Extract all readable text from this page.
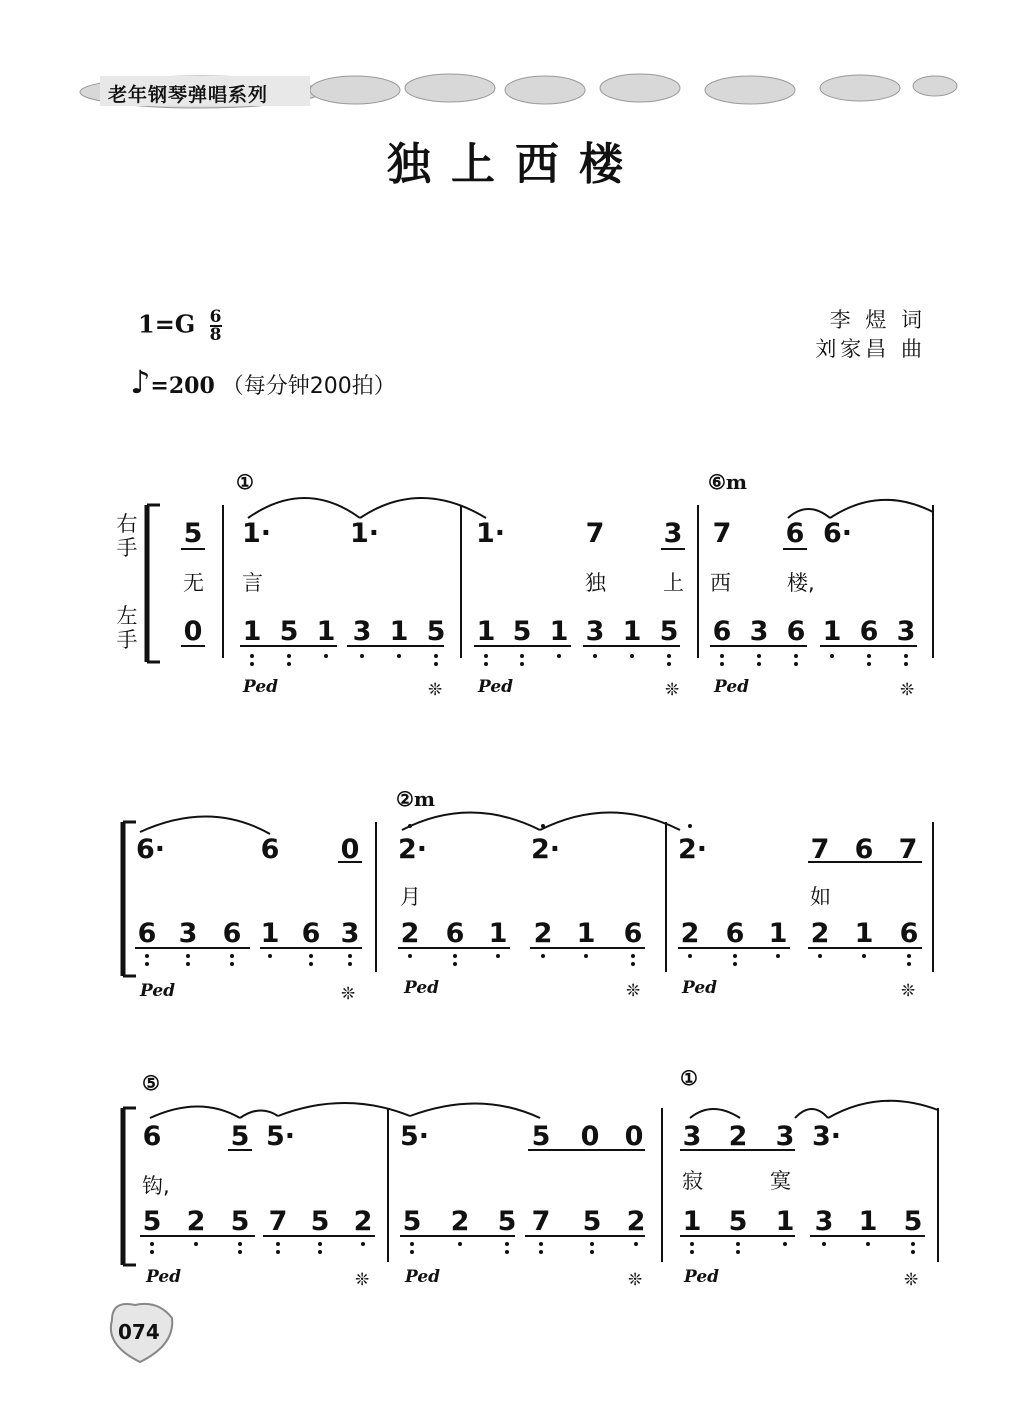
老年钢琴弹唱系列
独上西楼
$1=G \frac{6}{8}$
♪=200 （每分钟200拍）
李 煜 词
刘家昌 曲
右
手
左
手
①	⑥m
②m
⑤	①
5 1·	1·	1·	7 3 7 6 6·
无 言	独	上 西	楼,
0 1 5 1 3 1 5 1 5 1 3 1 5 6 3 6 1 6 3
Ped	❊ Ped	❊ Ped	❊
6·	6 0 2·	2·	2·	7 6 7
月	如
6 3 6 1 6 3 2 6 1 2 1 6 2 6 1 2 1 6
Ped	❊	Ped	❊ Ped	❊
6	5 5·	5·	5 0 0 3 2 3 3·
钩,	寂	寞
5 2 5 7 5 2 5 2 5 7 5 2 1 5 1 3 1 5
Ped	❊ Ped	❊ Ped	❊
074
